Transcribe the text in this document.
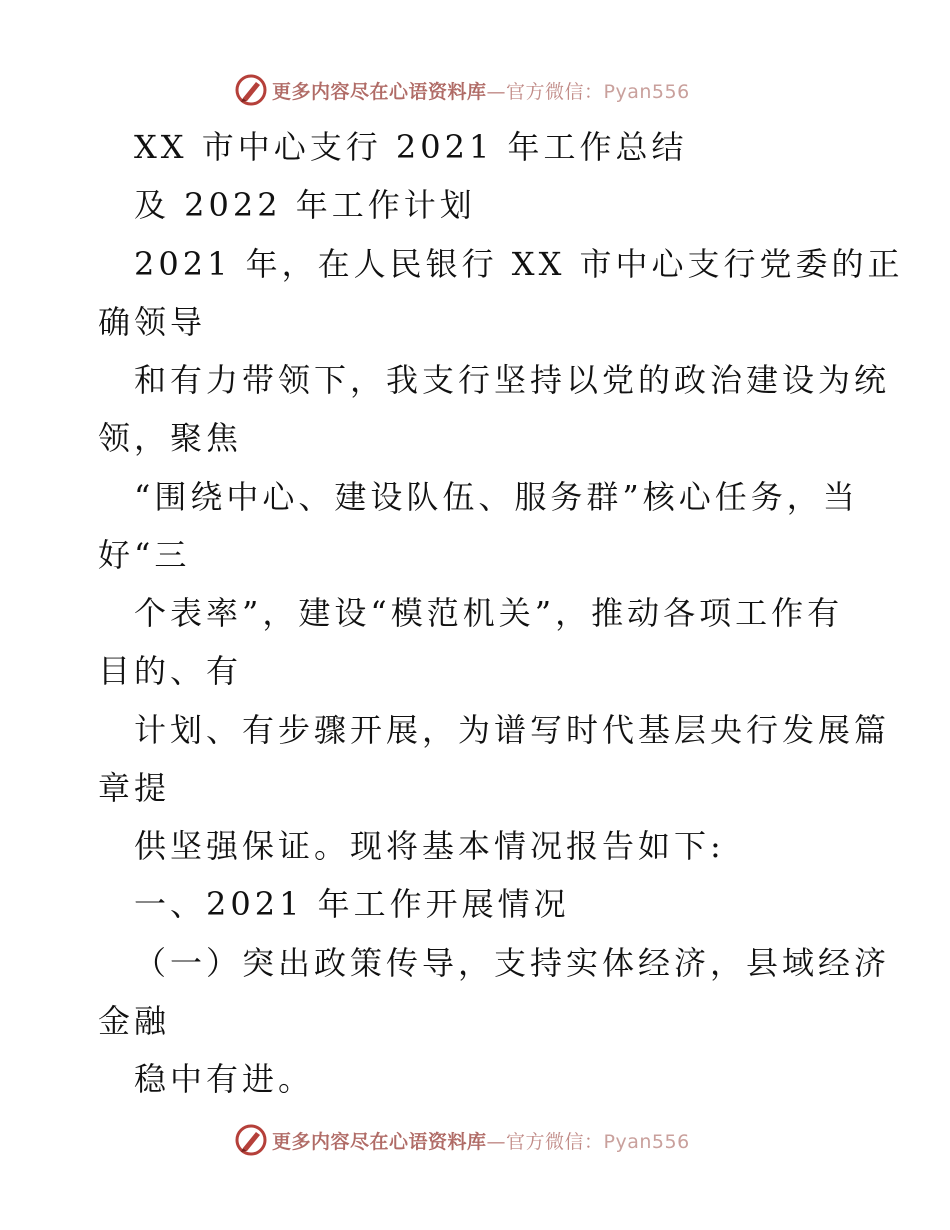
更多内容尽在心语资料库—官方微信：Pyan556
XX 市中心支行 2021 年工作总结
及 2022 年工作计划
2021 年，在人民银行 XX 市中心支行党委的正
确领导
和有力带领下，我支行坚持以党的政治建设为统
领，聚焦
“围绕中心、建设队伍、服务群”核心任务，当
好“三
个表率”，建设“模范机关”，推动各项工作有
目的、有
计划、有步骤开展，为谱写时代基层央行发展篇
章提
供坚强保证。现将基本情况报告如下:
一、2021 年工作开展情况
（一）突出政策传导，支持实体经济，县域经济
金融
稳中有进。
更多内容尽在心语资料库—官方微信：Pyan556
